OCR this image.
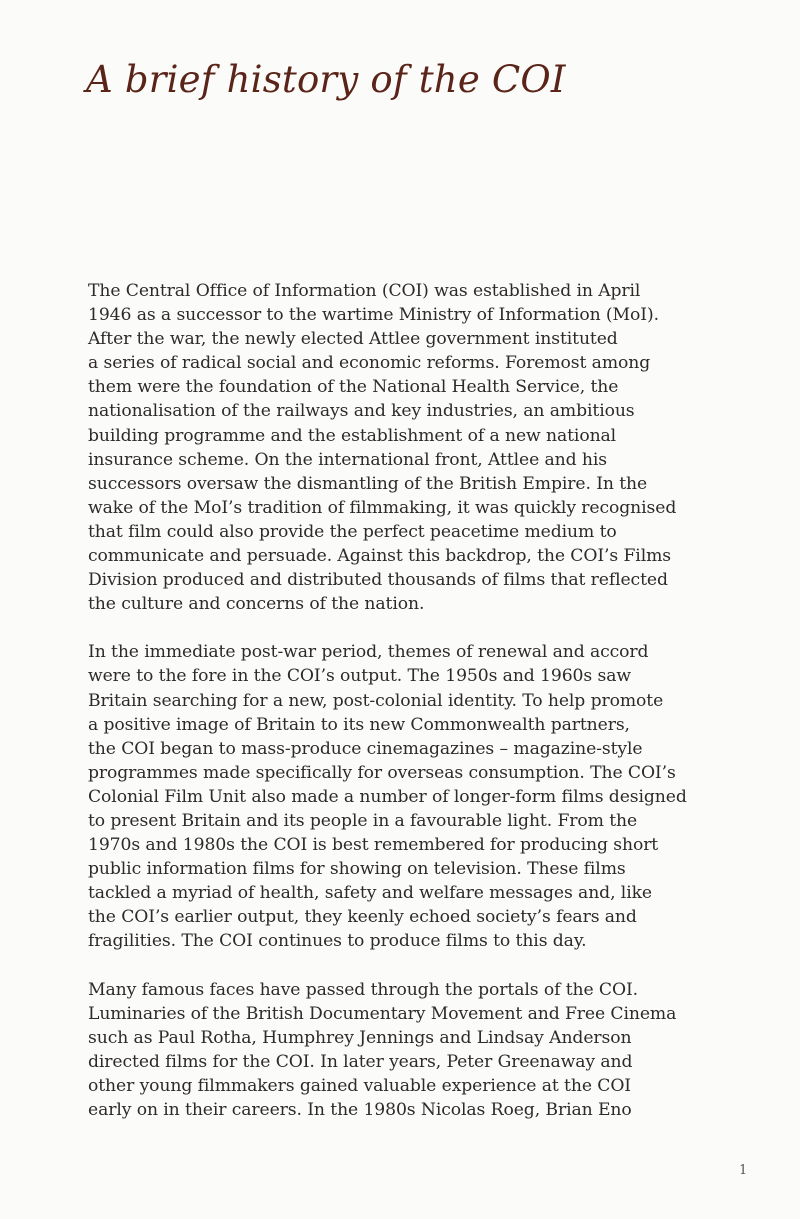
A brief history of the COI

The Central Office of Information (COI) was established in April
1946 as a successor to the wartime Ministry of Information (MoI).
After the war, the newly elected Attlee government instituted
a series of radical social and economic reforms. Foremost among
them were the foundation of the National Health Service, the
nationalisation of the railways and key industries, an ambitious
building programme and the establishment of a new national
insurance scheme. On the international front, Attlee and his
successors oversaw the dismantling of the British Empire. In the
wake of the MoI’s tradition of filmmaking, it was quickly recognised
that film could also provide the perfect peacetime medium to
communicate and persuade. Against this backdrop, the COI’s Films
Division produced and distributed thousands of films that reflected
the culture and concerns of the nation.

In the immediate post-war period, themes of renewal and accord
were to the fore in the COI’s output. The 1950s and 1960s saw
Britain searching for a new, post-colonial identity. To help promote
a positive image of Britain to its new Commonwealth partners,
the COI began to mass-produce cinemagazines – magazine-style
programmes made specifically for overseas consumption. The COI’s
Colonial Film Unit also made a number of longer-form films designed
to present Britain and its people in a favourable light. From the
1970s and 1980s the COI is best remembered for producing short
public information films for showing on television. These films
tackled a myriad of health, safety and welfare messages and, like
the COI’s earlier output, they keenly echoed society’s fears and
fragilities. The COI continues to produce films to this day.

Many famous faces have passed through the portals of the COI.
Luminaries of the British Documentary Movement and Free Cinema
such as Paul Rotha, Humphrey Jennings and Lindsay Anderson
directed films for the COI. In later years, Peter Greenaway and
other young filmmakers gained valuable experience at the COI
early on in their careers. In the 1980s Nicolas Roeg, Brian Eno

1
